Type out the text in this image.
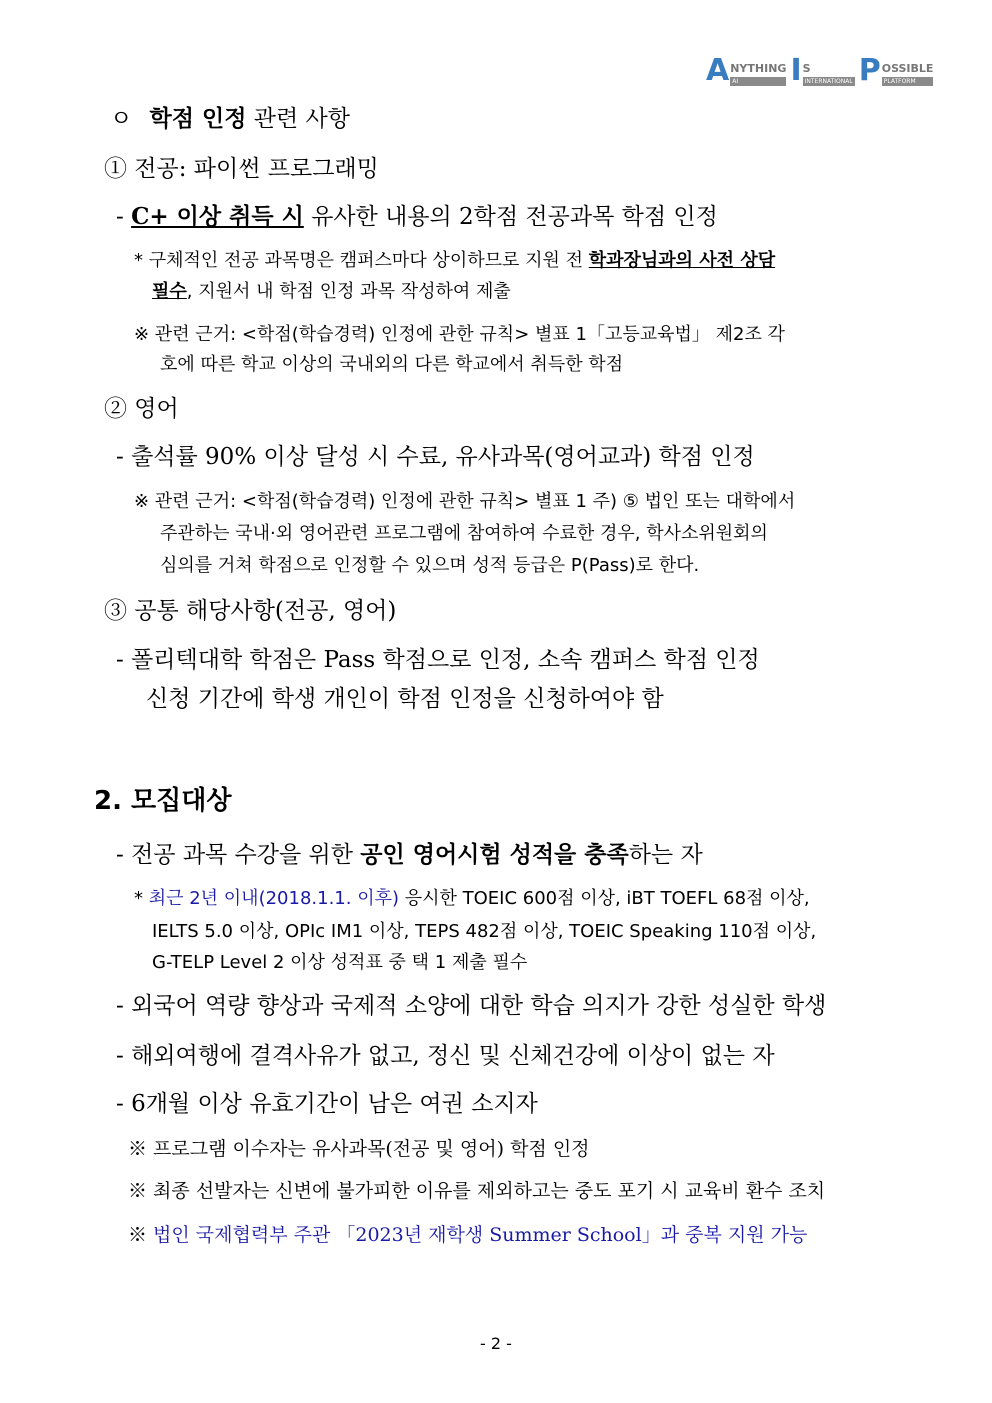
A NYTHING
AI	I S
INTERNATIONAL P OSSIBLE
PLATFORM
ㅇ 학점 인정 관련 사항
① 전공: 파이썬 프로그래밍
- C+ 이상 취득 시 유사한 내용의 2학점 전공과목 학점 인정
* 구체적인 전공 과목명은 캠퍼스마다 상이하므로 지원 전 학과장님과의 사전 상담
필수, 지원서 내 학점 인정 과목 작성하여 제출
※ 관련 근거: <학점(학습경력) 인정에 관한 규칙> 별표 1「고등교육법」 제2조 각
호에 따른 학교 이상의 국내외의 다른 학교에서 취득한 학점
② 영어
- 출석률 90% 이상 달성 시 수료, 유사과목(영어교과) 학점 인정
※ 관련 근거: <학점(학습경력) 인정에 관한 규칙> 별표 1 주) ⑤ 법인 또는 대학에서
주관하는 국내·외 영어관련 프로그램에 참여하여 수료한 경우, 학사소위원회의
심의를 거쳐 학점으로 인정할 수 있으며 성적 등급은 P(Pass)로 한다.
③ 공통 해당사항(전공, 영어)
- 폴리텍대학 학점은 Pass 학점으로 인정, 소속 캠퍼스 학점 인정
신청 기간에 학생 개인이 학점 인정을 신청하여야 함
2. 모집대상
- 전공 과목 수강을 위한 공인 영어시험 성적을 충족하는 자
* 최근 2년 이내(2018.1.1. 이후) 응시한 TOEIC 600점 이상, iBT TOEFL 68점 이상,
IELTS 5.0 이상, OPIc IM1 이상, TEPS 482점 이상, TOEIC Speaking 110점 이상,
G-TELP Level 2 이상 성적표 중 택 1 제출 필수
- 외국어 역량 향상과 국제적 소양에 대한 학습 의지가 강한 성실한 학생
- 해외여행에 결격사유가 없고, 정신 및 신체건강에 이상이 없는 자
- 6개월 이상 유효기간이 남은 여권 소지자
※ 프로그램 이수자는 유사과목(전공 및 영어) 학점 인정
※ 최종 선발자는 신변에 불가피한 이유를 제외하고는 중도 포기 시 교육비 환수 조치
※ 법인 국제협력부 주관 「2023년 재학생 Summer School」과 중복 지원 가능
- 2 -
